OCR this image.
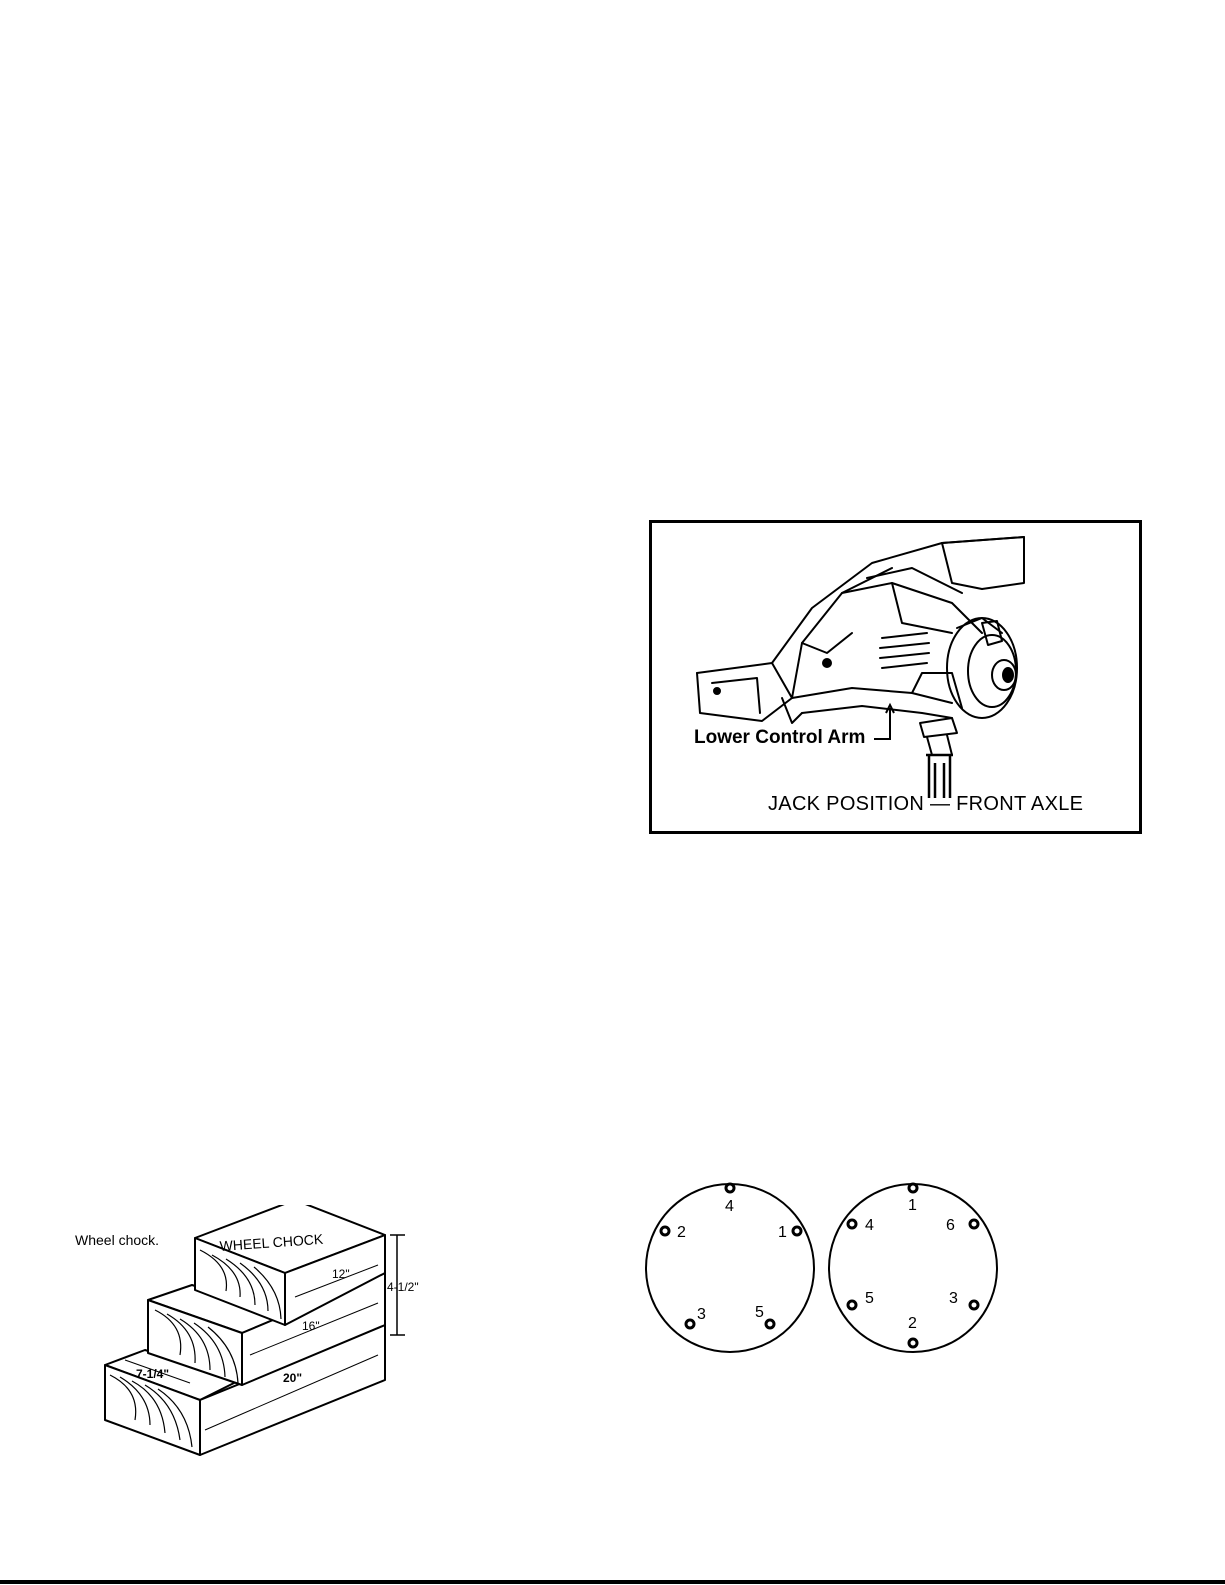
Lower Control Arm
JACK POSITION — FRONT AXLE
Wheel chock.	WHEEL CHOCK
12"
16"
20"
7-1/4"
4-1/2"
4
1
2
3	5
1
4	6
5	3
2
